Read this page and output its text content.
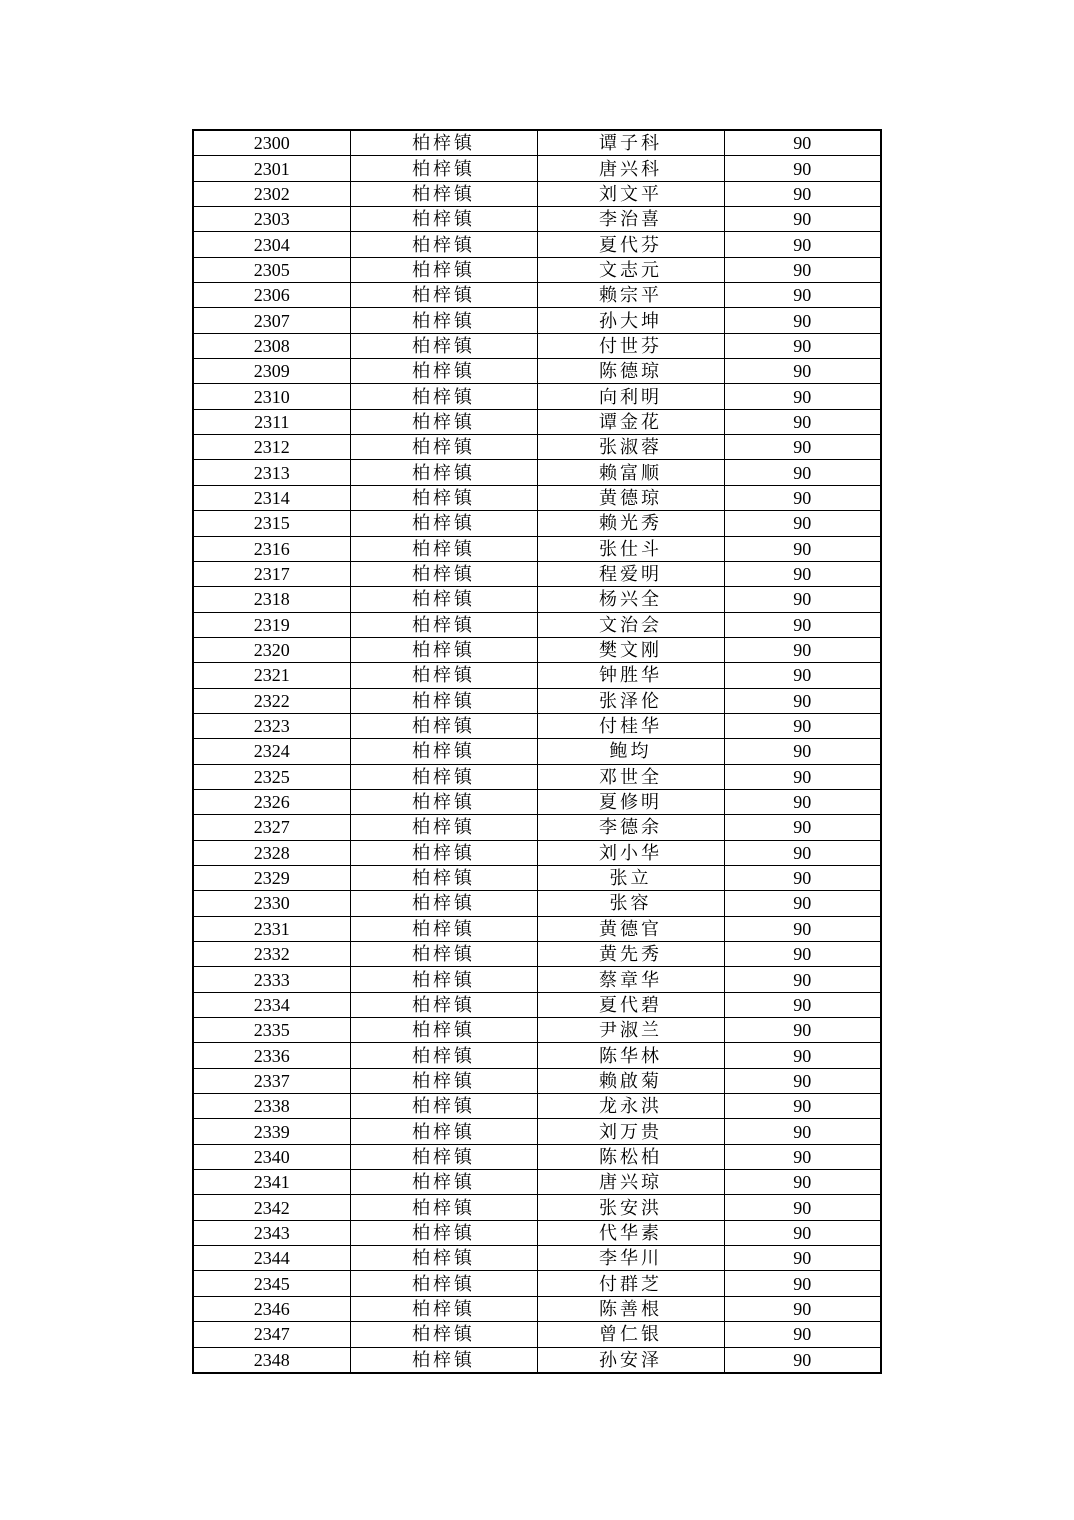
2300	柏梓镇	谭子科	90
2301	柏梓镇	唐兴科	90
2302	柏梓镇	刘文平	90
2303	柏梓镇	李治喜	90
2304	柏梓镇	夏代芬	90
2305	柏梓镇	文志元	90
2306	柏梓镇	赖宗平	90
2307	柏梓镇	孙大坤	90
2308	柏梓镇	付世芬	90
2309	柏梓镇	陈德琼	90
2310	柏梓镇	向利明	90
2311	柏梓镇	谭金花	90
2312	柏梓镇	张淑蓉	90
2313	柏梓镇	赖富顺	90
2314	柏梓镇	黄德琼	90
2315	柏梓镇	赖光秀	90
2316	柏梓镇	张仕斗	90
2317	柏梓镇	程爱明	90
2318	柏梓镇	杨兴全	90
2319	柏梓镇	文治会	90
2320	柏梓镇	樊文刚	90
2321	柏梓镇	钟胜华	90
2322	柏梓镇	张泽伦	90
2323	柏梓镇	付桂华	90
2324	柏梓镇	鲍均	90
2325	柏梓镇	邓世全	90
2326	柏梓镇	夏修明	90
2327	柏梓镇	李德余	90
2328	柏梓镇	刘小华	90
2329	柏梓镇	张立	90
2330	柏梓镇	张容	90
2331	柏梓镇	黄德官	90
2332	柏梓镇	黄先秀	90
2333	柏梓镇	蔡章华	90
2334	柏梓镇	夏代碧	90
2335	柏梓镇	尹淑兰	90
2336	柏梓镇	陈华林	90
2337	柏梓镇	赖啟菊	90
2338	柏梓镇	龙永洪	90
2339	柏梓镇	刘万贵	90
2340	柏梓镇	陈松柏	90
2341	柏梓镇	唐兴琼	90
2342	柏梓镇	张安洪	90
2343	柏梓镇	代华素	90
2344	柏梓镇	李华川	90
2345	柏梓镇	付群芝	90
2346	柏梓镇	陈善根	90
2347	柏梓镇	曾仁银	90
2348	柏梓镇	孙安泽	90
